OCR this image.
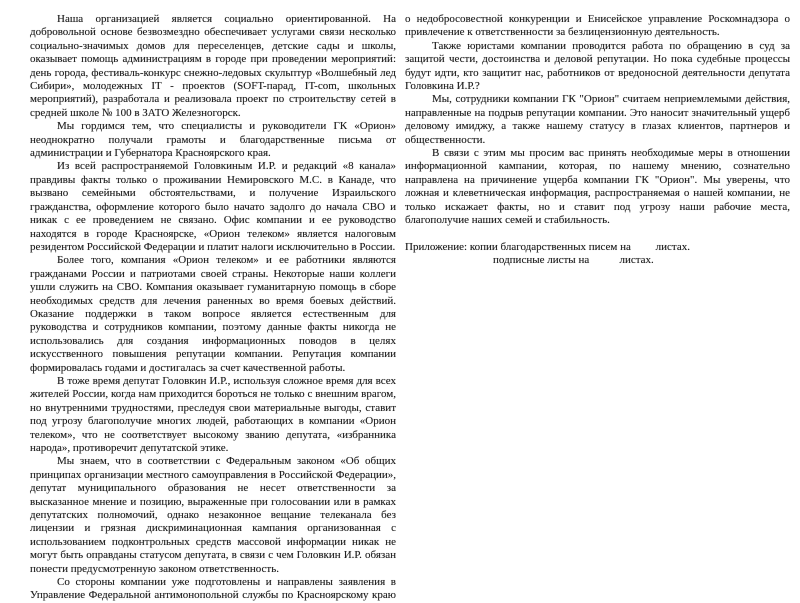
Наша организацией является социально ориентированной. На добровольной основе безвозмездно обеспечивает услугами связи несколько социально-значимых домов для переселенцев, детские сады и школы, оказывает помощь администрациям в городе при проведении мероприятий: день города, фестиваль-конкурс снежно-ледовых скульптур «Волшебный лед Сибири», молодежных IT - проектов (SOFT-парад, IT-com, школьных мероприятий), разработала и реализовала проект по строительству сетей в средней школе № 100 в ЗАТО Железногорск.

Мы гордимся тем, что специалисты и руководители ГК «Орион» неоднократно получали грамоты и благодарственные письма от администрации и Губернатора Красноярского края.

Из всей распространяемой Головкиным И.Р. и редакций «8 канала» правдивы факты только о проживании Немировского М.С. в Канаде, что вызвано семейными обстоятельствами, и получение Израильского гражданства, оформление которого было начато задолго до начала СВО и никак с ее проведением не связано. Офис компании и ее руководство находятся в городе Красноярске, «Орион телеком» является налоговым резидентом Российской Федерации и платит налоги исключительно в России.

Более того, компания «Орион телеком» и ее работники являются гражданами России и патриотами своей страны. Некоторые наши коллеги ушли служить на СВО. Компания оказывает гуманитарную помощь в сборе необходимых средств для лечения раненных во время боевых действий. Оказание поддержки в таком вопросе является естественным для руководства и сотрудников компании, поэтому данные факты никогда не использовались для создания информационных поводов в целях искусственного повышения репутации компании. Репутация компании формировалась годами и достигалась за счет качественной работы.

В тоже время депутат Головкин И.Р., используя сложное время для всех жителей России, когда нам приходится бороться не только с внешним врагом, но внутренними трудностями, преследуя свои материальные выгоды, ставит под угрозу благополучие многих людей, работающих в компании «Орион телеком», что не соответствует высокому званию депутата, «избранника народа», противоречит депутатской этике.

Мы знаем, что в соответствии с Федеральным законом «Об общих принципах организации местного самоуправления в Российской Федерации», депутат муниципального образования не несет ответственности за высказанное мнение и позицию, выраженные при голосовании или в рамках депутатских полномочий, однако незаконное вещание телеканала без лицензии и грязная дискриминационная кампания организованная с использованием подконтрольных средств массовой информации никак не могут быть оправданы статусом депутата, в связи с чем Головкин И.Р. обязан понести предусмотренную законом ответственность.

Со стороны компании уже подготовлены и направлены заявления в Управление Федеральной антимонопольной службы по Красноярскому краю

о недобросовестной конкуренции и Енисейское управление Роскомнадзора о привлечение к ответственности за безлицензионную деятельность.

Также юристами компании проводится работа по обращению в суд за защитой чести, достоинства и деловой репутации. Но пока судебные процессы будут идти, кто защитит нас, работников от вредоносной деятельности депутата Головкина И.Р.?

Мы, сотрудники компании ГК "Орион" считаем неприемлемыми действия, направленные на подрыв репутации компании. Это наносит значительный ущерб деловому имиджу, а также нашему статусу в глазах клиентов, партнеров и общественности.

В связи с этим мы просим вас принять необходимые меры в отношении информационной кампании, которая, по нашему мнению, сознательно направлена на причинение ущерба компании ГК "Орион". Мы уверены, что ложная и клеветническая информация, распространяемая о нашей компании, не только искажает факты, но и ставит под угрозу наши рабочие места, благополучие наших семей и стабильность.

Приложение: копии благодарственных писем на         листах.

подписные листы на           листах.
